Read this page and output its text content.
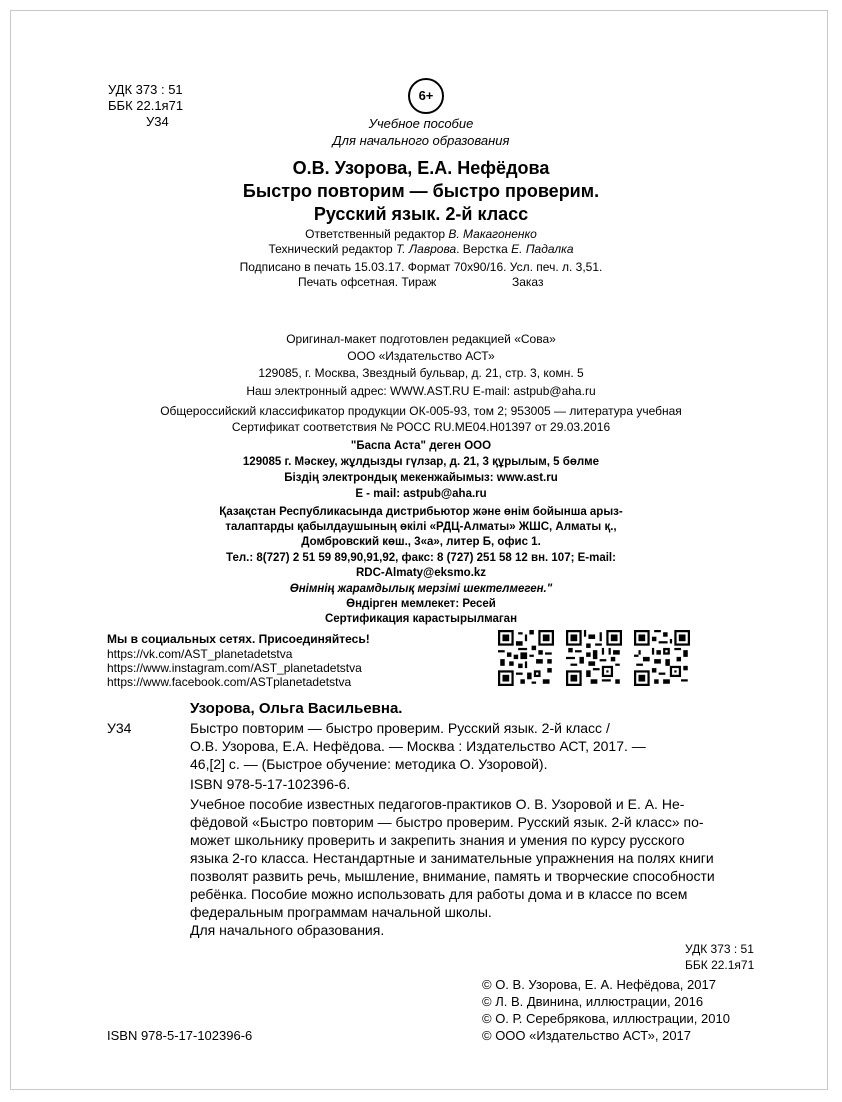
УДК 373 : 51
ББК 22.1я71
У34
6+
Учебное пособие
Для начального образования
О.В. Узорова, Е.А. Нефёдова
Быстро повторим — быстро проверим.
Русский язык. 2-й класс
Ответственный редактор В. Макагоненко
Технический редактор Т. Лаврова. Верстка Е. Падалка
Подписано в печать 15.03.17. Формат 70х90/16. Усл. печ. л. 3,51.
Печать офсетная. Тираж	Заказ
Оригинал-макет подготовлен редакцией «Сова»
ООО «Издательство АСТ»
129085, г. Москва, Звездный бульвар, д. 21, стр. 3, комн. 5
Наш электронный адрес: WWW.AST.RU E-mail: astpub@aha.ru
Общероссийский классификатор продукции ОК-005-93, том 2; 953005 — литература учебная
Сертификат соответствия № РОСС RU.ME04.H01397 от 29.03.2016
"Баспа Аста" деген ООО
129085 г. Мәскеу, жұлдызды гүлзар, д. 21, 3 құрылым, 5 бөлме
Біздің электрондық мекенжайымыз: www.ast.ru
E - mail: astpub@aha.ru
Қазақстан Республикасында дистрибьютор және өнім бойынша арыз-
талаптарды қабылдаушының өкілі «РДЦ-Алматы» ЖШС, Алматы қ.,
Домбровский көш., 3«а», литер Б, офис 1.
Тел.: 8(727) 2 51 59 89,90,91,92, факс: 8 (727) 251 58 12 вн. 107; E-mail:
RDC-Almaty@eksmo.kz
Өнімнің жарамдылық мерзімі шектелмеген."
Өндірген мемлекет: Ресей
Сертификация карастырылмаган
Мы в социальных сетях. Присоединяйтесь!
https://vk.com/AST_planetadetstva
https://www.instagram.com/AST_planetadetstva
https://www.facebook.com/ASTplanetadetstva
Узорова, Ольга Васильевна.
У34	Быстро повторим — быстро проверим. Русский язык. 2-й класс /
О.В. Узорова, Е.А. Нефёдова. — Москва : Издательство АСТ, 2017. —
46,[2] с. — (Быстрое обучение: методика О. Узоровой).
ISBN 978-5-17-102396-6.

Учебное пособие известных педагогов-практиков О. В. Узоровой и Е. А. Не-

фёдовой «Быстро повторим — быстро проверим. Русский язык. 2-й класс» по-

может школьнику проверить и закрепить знания и умения по курсу русского

языка 2-го класса. Нестандартные и занимательные упражнения на полях книги

позволят развить речь, мышление, внимание, память и творческие способности

ребёнка. Пособие можно использовать для работы дома и в классе по всем

федеральным программам начальной школы.

Для начального образования.
УДК 373 : 51
ББК 22.1я71
© О. В. Узорова, Е. А. Нефёдова, 2017
© Л. В. Двинина, иллюстрации, 2016
© О. Р. Серебрякова, иллюстрации, 2010
© ООО «Издательство АСТ», 2017
ISBN 978-5-17-102396-6
